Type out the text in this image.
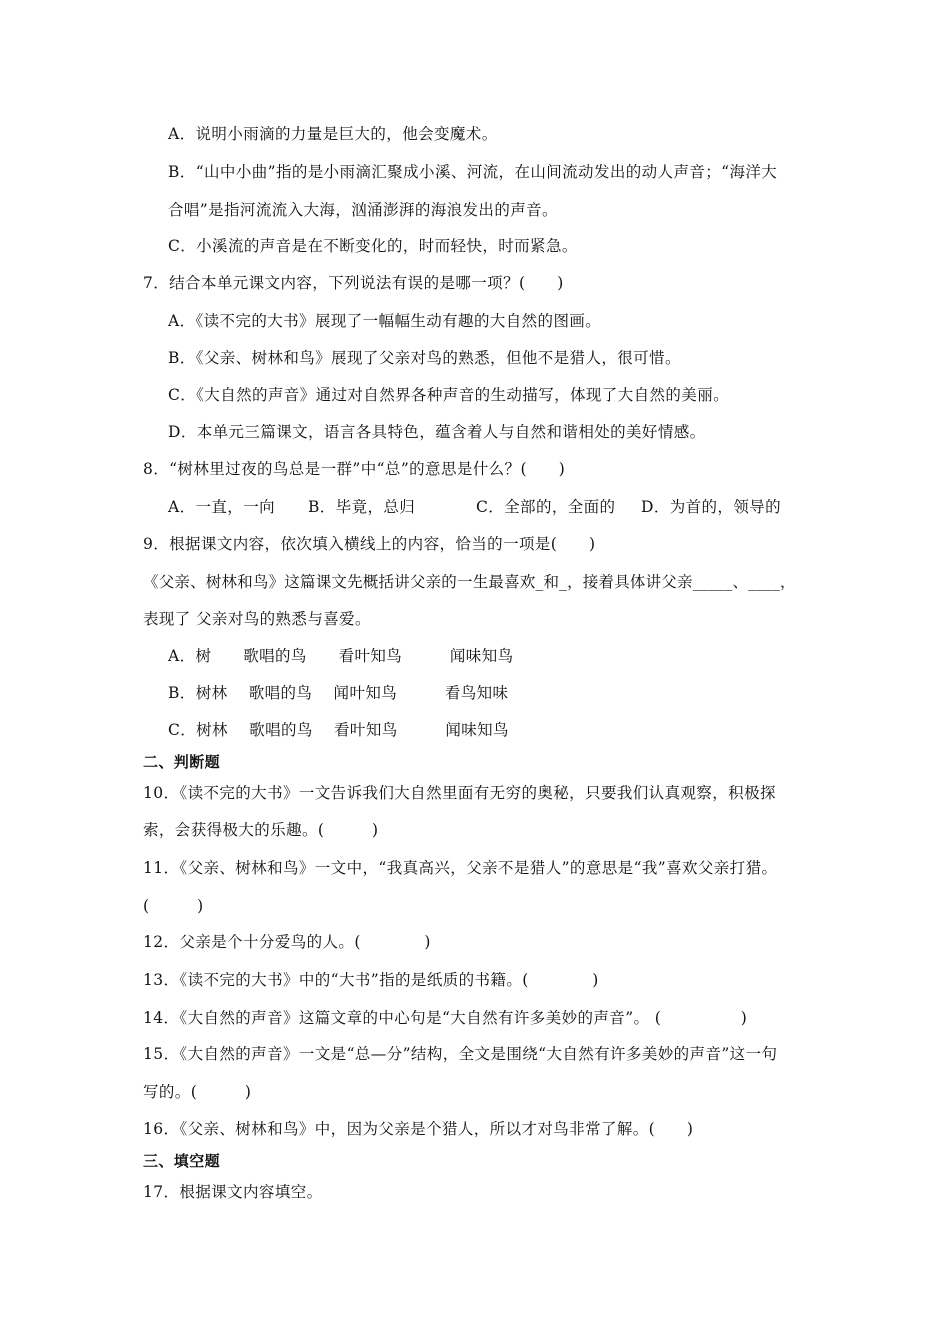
A．说明小雨滴的力量是巨大的，他会变魔术。
B．“山中小曲”指的是小雨滴汇聚成小溪、河流，在山间流动发出的动人声音；“海洋大
合唱”是指河流流入大海，汹涌澎湃的海浪发出的声音。
C．小溪流的声音是在不断变化的，时而轻快，时而紧急。
7．结合本单元课文内容，下列说法有误的是哪一项？(　　)
A．《读不完的大书》展现了一幅幅生动有趣的大自然的图画。
B．《父亲、树林和鸟》展现了父亲对鸟的熟悉，但他不是猎人，很可惜。
C．《大自然的声音》通过对自然界各种声音的生动描写，体现了大自然的美丽。
D．本单元三篇课文，语言各具特色，蕴含着人与自然和谐相处的美好情感。
8．“树林里过夜的鸟总是一群”中“总”的意思是什么？(　　)
A．一直，一向 B．毕竟，总归	C．全部的，全面的 D．为首的，领导的
9．根据课文内容，依次填入横线上的内容，恰当的一项是(　　)
《父亲、树林和鸟》这篇课文先概括讲父亲的一生最喜欢_和_，接着具体讲父亲_____、____，
表现了 父亲对鸟的熟悉与喜爱。
A．树　　歌唱的鸟　　看叶知鸟　　　闻味知鸟
B．树林　 歌唱的鸟　 闻叶知鸟　　　看鸟知味
C．树林　 歌唱的鸟　 看叶知鸟　　　闻味知鸟
二、判断题
10．《读不完的大书》一文告诉我们大自然里面有无穷的奥秘，只要我们认真观察，积极探
索，会获得极大的乐趣。(　　　)
11．《父亲、树林和鸟》一文中，“我真高兴，父亲不是猎人”的意思是“我”喜欢父亲打猎。
(　　　)
12．父亲是个十分爱鸟的人。(　　　　)
13．《读不完的大书》中的“大书”指的是纸质的书籍。(　　　　)
14．《大自然的声音》这篇文章的中心句是“大自然有许多美妙的声音”。 (　　　　　)
15．《大自然的声音》一文是“总—分”结构，全文是围绕“大自然有许多美妙的声音”这一句
写的。(　　　)
16．《父亲、树林和鸟》中，因为父亲是个猎人，所以才对鸟非常了解。(　　)
三、填空题
17．根据课文内容填空。
